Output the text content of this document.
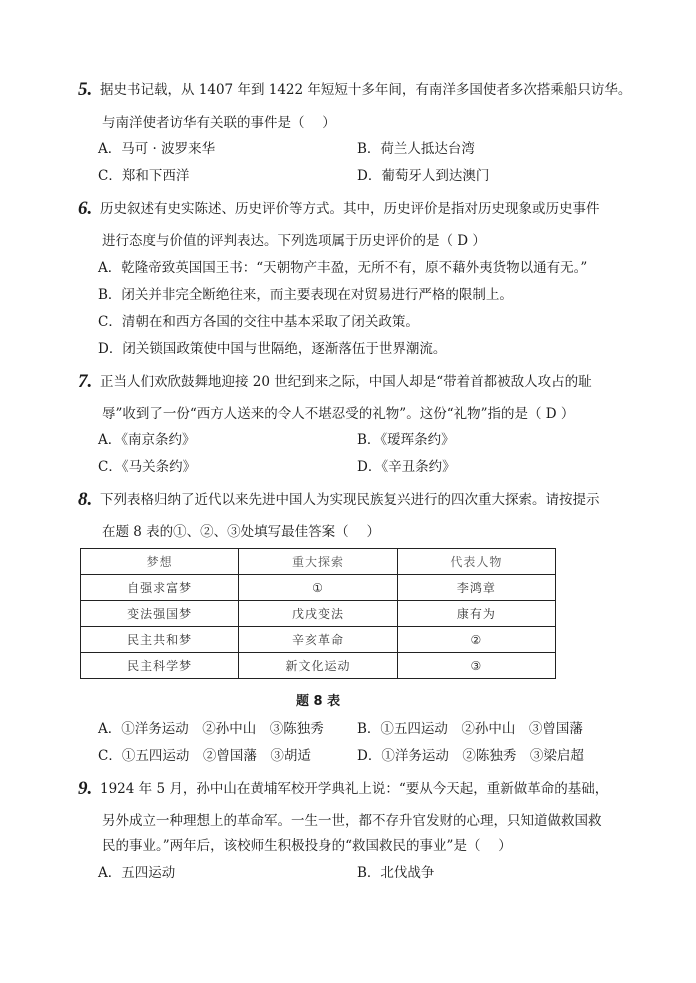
5. 据史书记载，从 1407 年到 1422 年短短十多年间，有南洋多国使者多次搭乘船只访华。
与南洋使者访华有关联的事件是（　 ）
A．马可 · 波罗来华	B．荷兰人抵达台湾
C．郑和下西洋	D．葡萄牙人到达澳门
6. 历史叙述有史实陈述、历史评价等方式。其中，历史评价是指对历史现象或历史事件
进行态度与价值的评判表达。下列选项属于历史评价的是（ D ）
A．乾隆帝致英国国王书：“天朝物产丰盈，无所不有，原不藉外夷货物以通有无。”
B．闭关并非完全断绝往来，而主要表现在对贸易进行严格的限制上。
C．清朝在和西方各国的交往中基本采取了闭关政策。
D．闭关锁国政策使中国与世隔绝，逐渐落伍于世界潮流。
7. 正当人们欢欣鼓舞地迎接 20 世纪到来之际，中国人却是“带着首都被敌人攻占的耻
辱”收到了一份“西方人送来的令人不堪忍受的礼物”。这份“礼物”指的是（ D ）
A．《南京条约》	B．《瑷珲条约》
C．《马关条约》	D．《辛丑条约》
8. 下列表格归纳了近代以来先进中国人为实现民族复兴进行的四次重大探索。请按提示
在题 8 表的①、②、③处填写最佳答案（　 ）
梦想	重大探索	代表人物
自强求富梦	①	李鸿章
变法强国梦	戊戌变法	康有为
民主共和梦	辛亥革命	②
民主科学梦	新文化运动	③
题 8 表
A．①洋务运动　②孙中山　③陈独秀 B．①五四运动　②孙中山　③曾国藩
C．①五四运动　②曾国藩　③胡适	D．①洋务运动　②陈独秀　③梁启超
9. 1924 年 5 月，孙中山在黄埔军校开学典礼上说：“要从今天起，重新做革命的基础，
另外成立一种理想上的革命军。一生一世，都不存升官发财的心理，只知道做救国救
民的事业。”两年后，该校师生积极投身的“救国救民的事业”是（　 ）
A．五四运动	B．北伐战争
